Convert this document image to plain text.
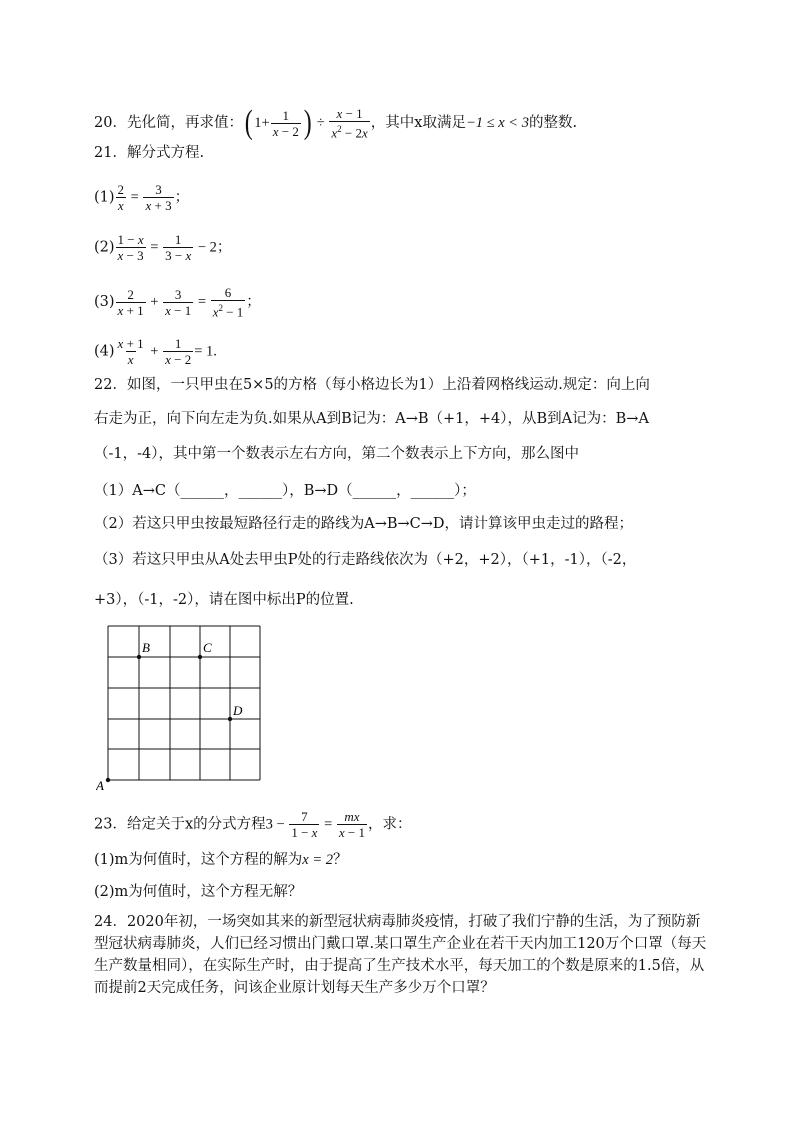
20．先化简，再求值：( $1+ \frac{1}{x - 2}$ ) ÷ $\frac{x - 1}{x^2 - 2x}$ ，其中x取满足−1 ≤ x < 3的整数.
21．解分式方程.
$(1) \frac{2}{x} = \frac{3}{x + 3}$ ；
$(2) \frac{1 - x}{x - 3} = \frac{1}{3 - x} - 2$；
$(3) \frac{2}{x + 1} + \frac{3}{x - 1} = \frac{6}{x^2 - 1}$ ；
$(4) \frac{x + 1}{x} + \frac{1}{x - 2} = 1$.
22．如图，一只甲虫在5×5的方格（每小格边长为1）上沿着网格线运动.规定：向上向
右走为正，向下向左走为负.如果从A到B记为：A→B（+1，+4），从B到A记为：B→A
（-1，-4），其中第一个数表示左右方向，第二个数表示上下方向，那么图中
（1）A→C（______，______），B→D（______，______）；
（2）若这只甲虫按最短路径行走的路线为A→B→C→D，请计算该甲虫走过的路程；
（3）若这只甲虫从A处去甲虫P处的行走路线依次为（+2，+2），（+1，-1），（-2，
+3），（-1，-2），请在图中标出P的位置.
A
B	C
D
23．给定关于x的分式方程$3 - \frac{7}{1 - x} = \frac{mx}{x - 1}$ ，求：
(1)m为何值时，这个方程的解为x = 2？
(2)m为何值时，这个方程无解？
24．2020年初，一场突如其来的新型冠状病毒肺炎疫情，打破了我们宁静的生活，为了预防新型冠状病毒肺炎，人们已经习惯出门戴口罩.某口罩生产企业在若干天内加工120万个口罩（每天生产数量相同），在实际生产时，由于提高了生产技术水平，每天加工的个数是原来的1.5倍，从而提前2天完成任务，问该企业原计划每天生产多少万个口罩？
